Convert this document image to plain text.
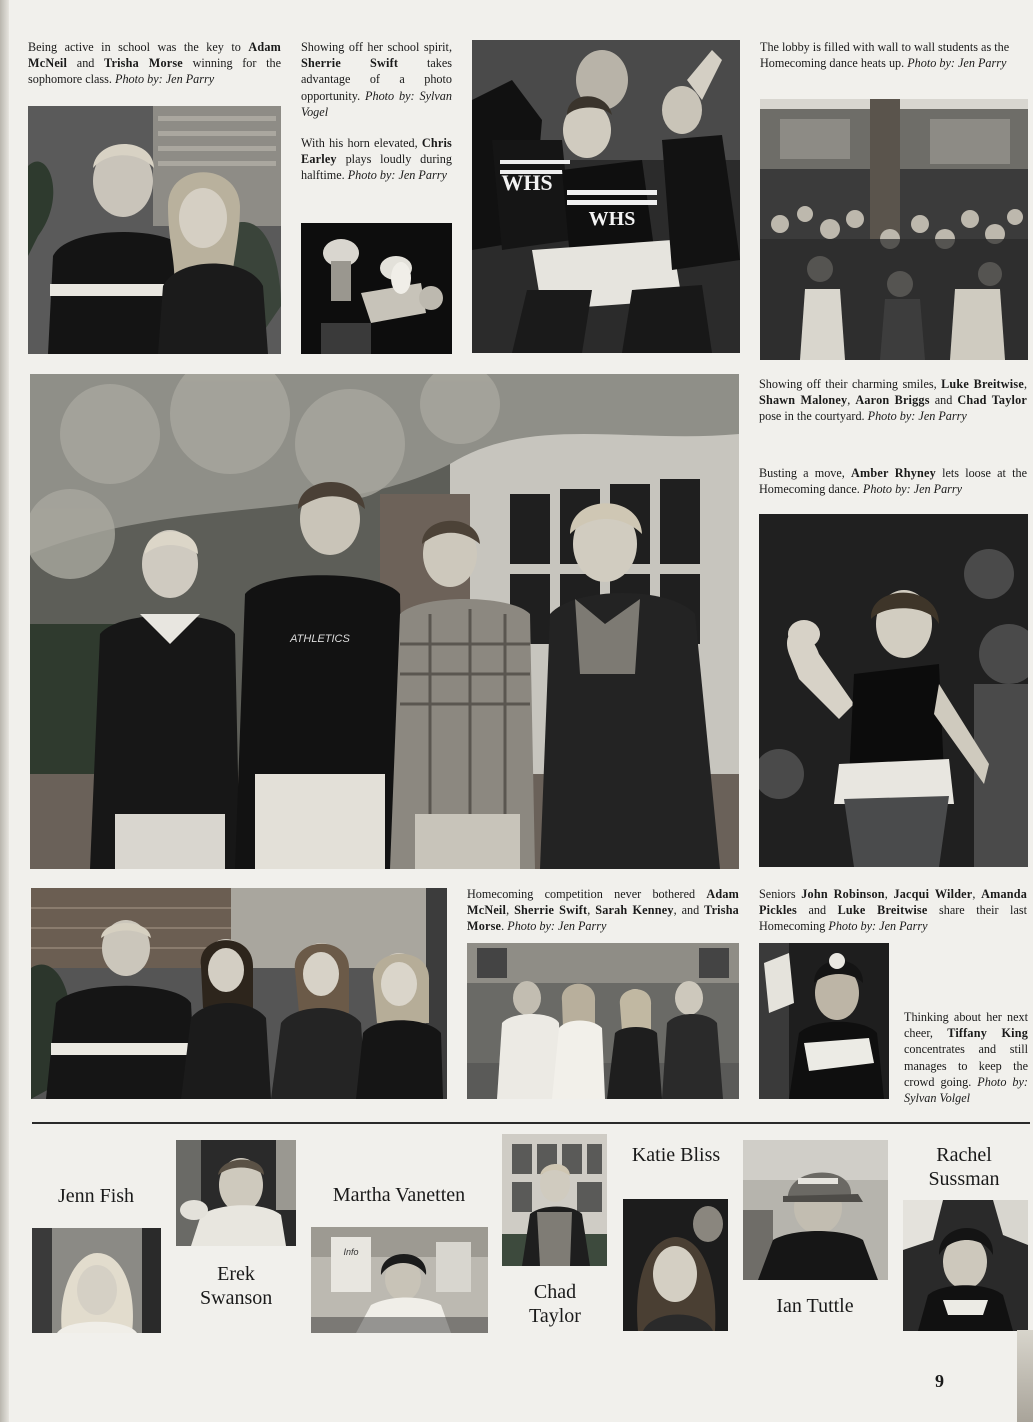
Being active in school was the key to Adam McNeil and Trisha Morse winning for the sophomore class. Photo by: Jen Parry
Showing off her school spirit, Sherrie Swift takes advantage of a photo opportunity. Photo by: Sylvan Vogel
With his horn elevated, Chris Earley plays loudly during halftime. Photo by: Jen Parry
The lobby is filled with wall to wall students as the Homecoming dance heats up. Photo by: Jen Parry
Showing off their charming smiles, Luke Breitwise, Shawn Maloney, Aaron Briggs and Chad Taylor pose in the courtyard. Photo by: Jen Parry
Busting a move, Amber Rhyney lets loose at the Homecoming dance. Photo by: Jen Parry
Homecoming competition never bothered Adam McNeil, Sherrie Swift, Sarah Kenney, and Trisha Morse. Photo by: Jen Parry
Seniors John Robinson, Jacqui Wilder, Amanda Pickles and Luke Breitwise share their last Homecoming Photo by: Jen Parry
Thinking about her next cheer, Tiffany King concentrates and still manages to keep the crowd going. Photo by: Sylvan Volgel
WHS
WHS
ATHLETICS
Jenn Fish
Erek Swanson
Martha Vanetten
Info
Chad Taylor
Katie Bliss
Ian Tuttle
Rachel Sussman
9
